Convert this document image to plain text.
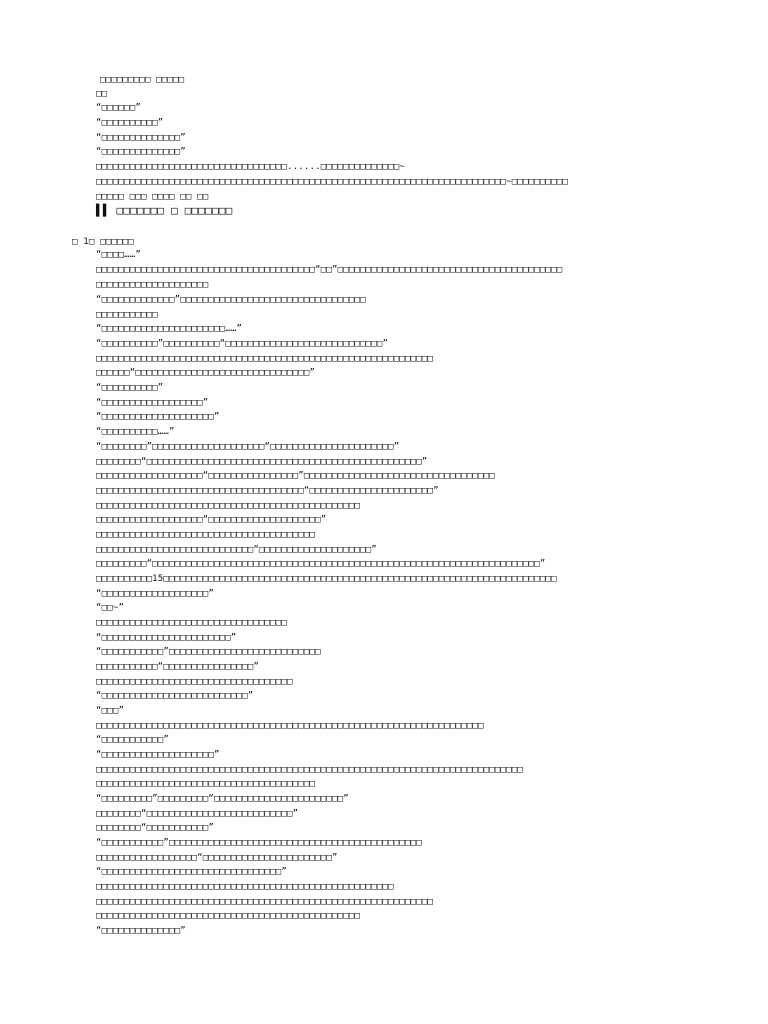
□□□□□□□□□ □□□□□
□□
“□□□□□□”
“□□□□□□□□□□”
“□□□□□□□□□□□□□□”
“□□□□□□□□□□□□□□”
□□□□□□□□□□□□□□□□□□□□□□□□□□□□□□□□□□......□□□□□□□□□□□□□□~
□□□□□□□□□□□□□□□□□□□□□□□□□□□□□□□□□□□□□□□□□□□□□□□□□□□□□□□□□□□□□□□□□□□□□□□□□~□□□□□□□□□□
□□□□□ □□□ □□□□ □□ □□
▌▌ □□□□□□□ □ □□□□□□□
□ 1□ □□□□□□
“□□□□……”
□□□□□□□□□□□□□□□□□□□□□□□□□□□□□□□□□□□□□□□“□□”□□□□□□□□□□□□□□□□□□□□□□□□□□□□□□□□□□□□□□□□
□□□□□□□□□□□□□□□□□□□□
“□□□□□□□□□□□□□”□□□□□□□□□□□□□□□□□□□□□□□□□□□□□□□□□
□□□□□□□□□□□
“□□□□□□□□□□□□□□□□□□□□□□……”
“□□□□□□□□□□”□□□□□□□□□□“□□□□□□□□□□□□□□□□□□□□□□□□□□□□”
□□□□□□□□□□□□□□□□□□□□□□□□□□□□□□□□□□□□□□□□□□□□□□□□□□□□□□□□□□□□
□□□□□□“□□□□□□□□□□□□□□□□□□□□□□□□□□□□□□□”
“□□□□□□□□□□”
“□□□□□□□□□□□□□□□□□□”
“□□□□□□□□□□□□□□□□□□□□”
“□□□□□□□□□□……”
“□□□□□□□□”□□□□□□□□□□□□□□□□□□□□“□□□□□□□□□□□□□□□□□□□□□□”
□□□□□□□□“□□□□□□□□□□□□□□□□□□□□□□□□□□□□□□□□□□□□□□□□□□□□□□□□□”
□□□□□□□□□□□□□□□□□□□“□□□□□□□□□□□□□□□□”□□□□□□□□□□□□□□□□□□□□□□□□□□□□□□□□□□
□□□□□□□□□□□□□□□□□□□□□□□□□□□□□□□□□□□□□“□□□□□□□□□□□□□□□□□□□□□□”
□□□□□□□□□□□□□□□□□□□□□□□□□□□□□□□□□□□□□□□□□□□□□□□
□□□□□□□□□□□□□□□□□□□“□□□□□□□□□□□□□□□□□□□□”
□□□□□□□□□□□□□□□□□□□□□□□□□□□□□□□□□□□□□□□
□□□□□□□□□□□□□□□□□□□□□□□□□□□□“□□□□□□□□□□□□□□□□□□□□”
□□□□□□□□□“□□□□□□□□□□□□□□□□□□□□□□□□□□□□□□□□□□□□□□□□□□□□□□□□□□□□□□□□□□□□□□□□□□□□□”
□□□□□□□□□□15□□□□□□□□□□□□□□□□□□□□□□□□□□□□□□□□□□□□□□□□□□□□□□□□□□□□□□□□□□□□□□□□□□□□□□
“□□□□□□□□□□□□□□□□□□□”
“□□~”
□□□□□□□□□□□□□□□□□□□□□□□□□□□□□□□□□□
“□□□□□□□□□□□□□□□□□□□□□□□”
“□□□□□□□□□□□”□□□□□□□□□□□□□□□□□□□□□□□□□□□
□□□□□□□□□□□“□□□□□□□□□□□□□□□□”
□□□□□□□□□□□□□□□□□□□□□□□□□□□□□□□□□□□
“□□□□□□□□□□□□□□□□□□□□□□□□□□”
“□□□”
□□□□□□□□□□□□□□□□□□□□□□□□□□□□□□□□□□□□□□□□□□□□□□□□□□□□□□□□□□□□□□□□□□□□□
“□□□□□□□□□□□”
“□□□□□□□□□□□□□□□□□□□□”
□□□□□□□□□□□□□□□□□□□□□□□□□□□□□□□□□□□□□□□□□□□□□□□□□□□□□□□□□□□□□□□□□□□□□□□□□□□□
□□□□□□□□□□□□□□□□□□□□□□□□□□□□□□□□□□□□□□□
“□□□□□□□□□”□□□□□□□□□“□□□□□□□□□□□□□□□□□□□□□□□”
□□□□□□□□“□□□□□□□□□□□□□□□□□□□□□□□□□□”
□□□□□□□□“□□□□□□□□□□□”
“□□□□□□□□□□□”□□□□□□□□□□□□□□□□□□□□□□□□□□□□□□□□□□□□□□□□□□□□□
□□□□□□□□□□□□□□□□□□“□□□□□□□□□□□□□□□□□□□□□□□”
“□□□□□□□□□□□□□□□□□□□□□□□□□□□□□□□□”
□□□□□□□□□□□□□□□□□□□□□□□□□□□□□□□□□□□□□□□□□□□□□□□□□□□□□
□□□□□□□□□□□□□□□□□□□□□□□□□□□□□□□□□□□□□□□□□□□□□□□□□□□□□□□□□□□□
□□□□□□□□□□□□□□□□□□□□□□□□□□□□□□□□□□□□□□□□□□□□□□□
“□□□□□□□□□□□□□□”
